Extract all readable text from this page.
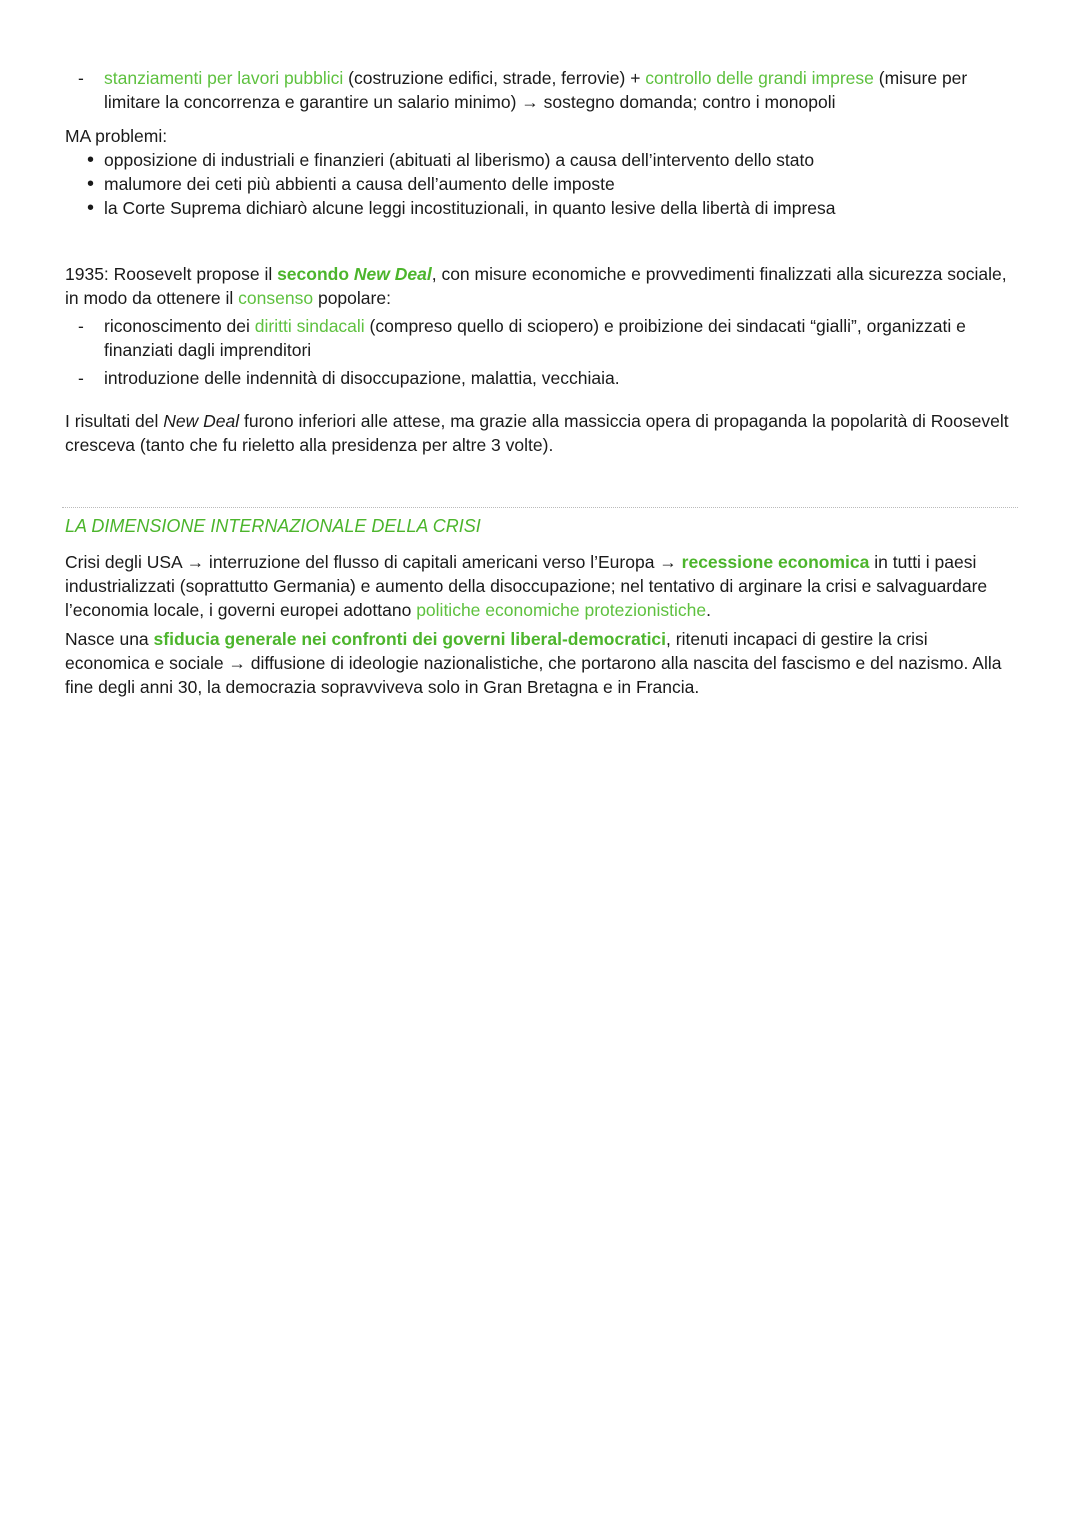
- stanziamenti per lavori pubblici (costruzione edifici, strade, ferrovie) + controllo delle grandi imprese (misure per limitare la concorrenza e garantire un salario minimo) → sostegno domanda; contro i monopoli

MA problemi:

• opposizione di industriali e finanzieri (abituati al liberismo) a causa dell’intervento dello stato
• malumore dei ceti più abbienti a causa dell’aumento delle imposte
• la Corte Suprema dichiarò alcune leggi incostituzionali, in quanto lesive della libertà di impresa

1935: Roosevelt propose il secondo New Deal, con misure economiche e provvedimenti finalizzati alla sicurezza sociale, in modo da ottenere il consenso popolare:

- riconoscimento dei diritti sindacali (compreso quello di sciopero) e proibizione dei sindacati “gialli”, organizzati e finanziati dagli imprenditori
- introduzione delle indennità di disoccupazione, malattia, vecchiaia.

I risultati del New Deal furono inferiori alle attese, ma grazie alla massiccia opera di propaganda la popolarità di Roosevelt cresceva (tanto che fu rieletto alla presidenza per altre 3 volte).

LA DIMENSIONE INTERNAZIONALE DELLA CRISI

Crisi degli USA → interruzione del flusso di capitali americani verso l’Europa → recessione economica in tutti i paesi industrializzati (soprattutto Germania) e aumento della disoccupazione; nel tentativo di arginare la crisi e salvaguardare l’economia locale, i governi europei adottano politiche economiche protezionistiche.

Nasce una sfiducia generale nei confronti dei governi liberal-democratici, ritenuti incapaci di gestire la crisi economica e sociale → diffusione di ideologie nazionalistiche, che portarono alla nascita del fascismo e del nazismo. Alla fine degli anni 30, la democrazia sopravviveva solo in Gran Bretagna e in Francia.
